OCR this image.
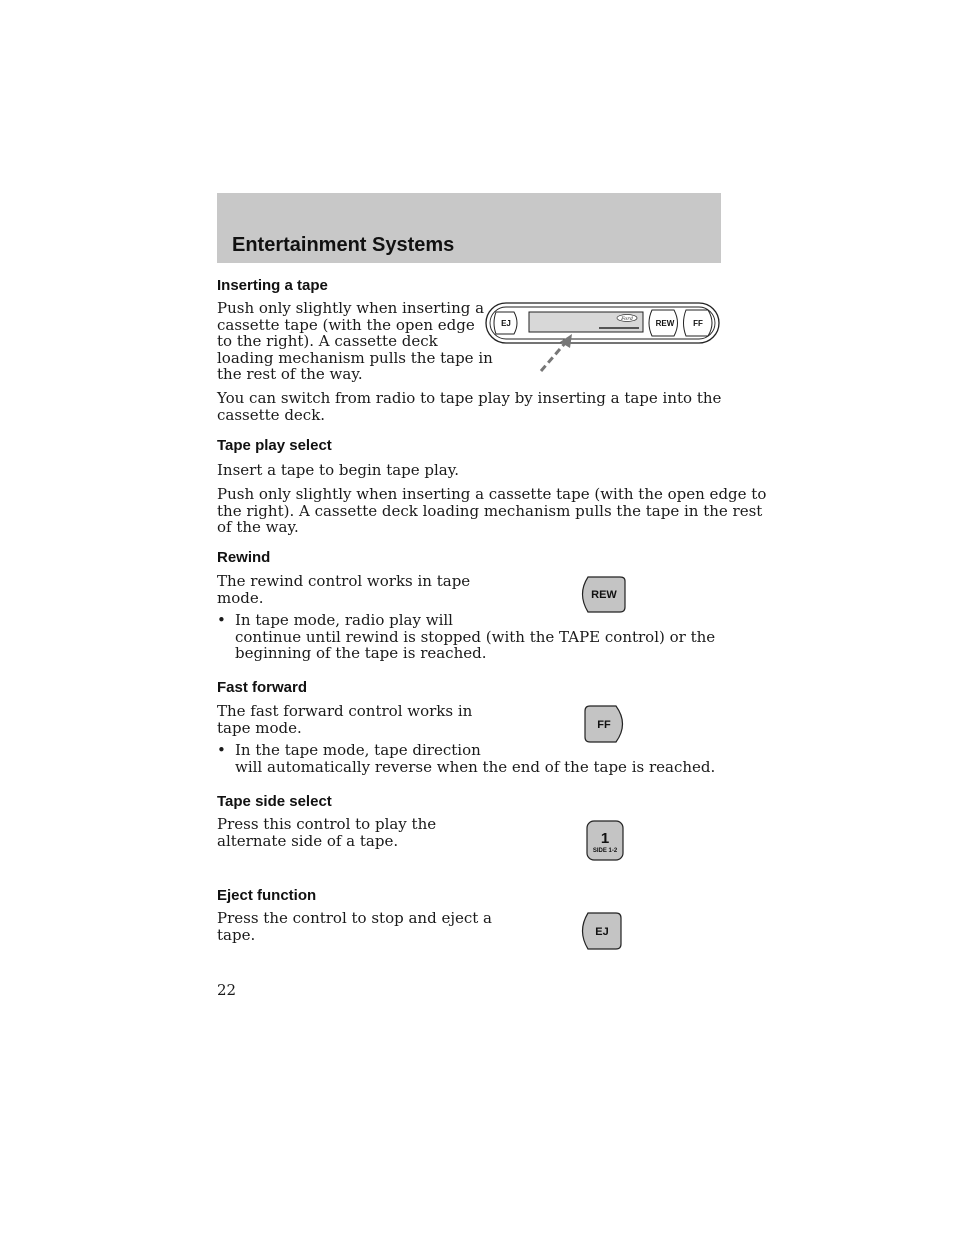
Entertainment Systems
Inserting a tape
Push only slightly when inserting a
cassette tape (with the open edge
to the right). A cassette deck
loading mechanism pulls the tape in
the rest of the way.
EJ	Ford	REW FF
You can switch from radio to tape play by inserting a tape into the
cassette deck.
Tape play select
Insert a tape to begin tape play.
Push only slightly when inserting a cassette tape (with the open edge to
the right). A cassette deck loading mechanism pulls the tape in the rest
of the way.
Rewind
The rewind control works in tape
mode.
• In tape mode, radio play will
continue until rewind is stopped (with the TAPE control) or the
beginning of the tape is reached.
REW
Fast forward
The fast forward control works in
tape mode.
• In the tape mode, tape direction
will automatically reverse when the end of the tape is reached.
FF
Tape side select
Press this control to play the
alternate side of a tape.	1
SIDE 1-2
Eject function
Press the control to stop and eject a
tape.	EJ
22
